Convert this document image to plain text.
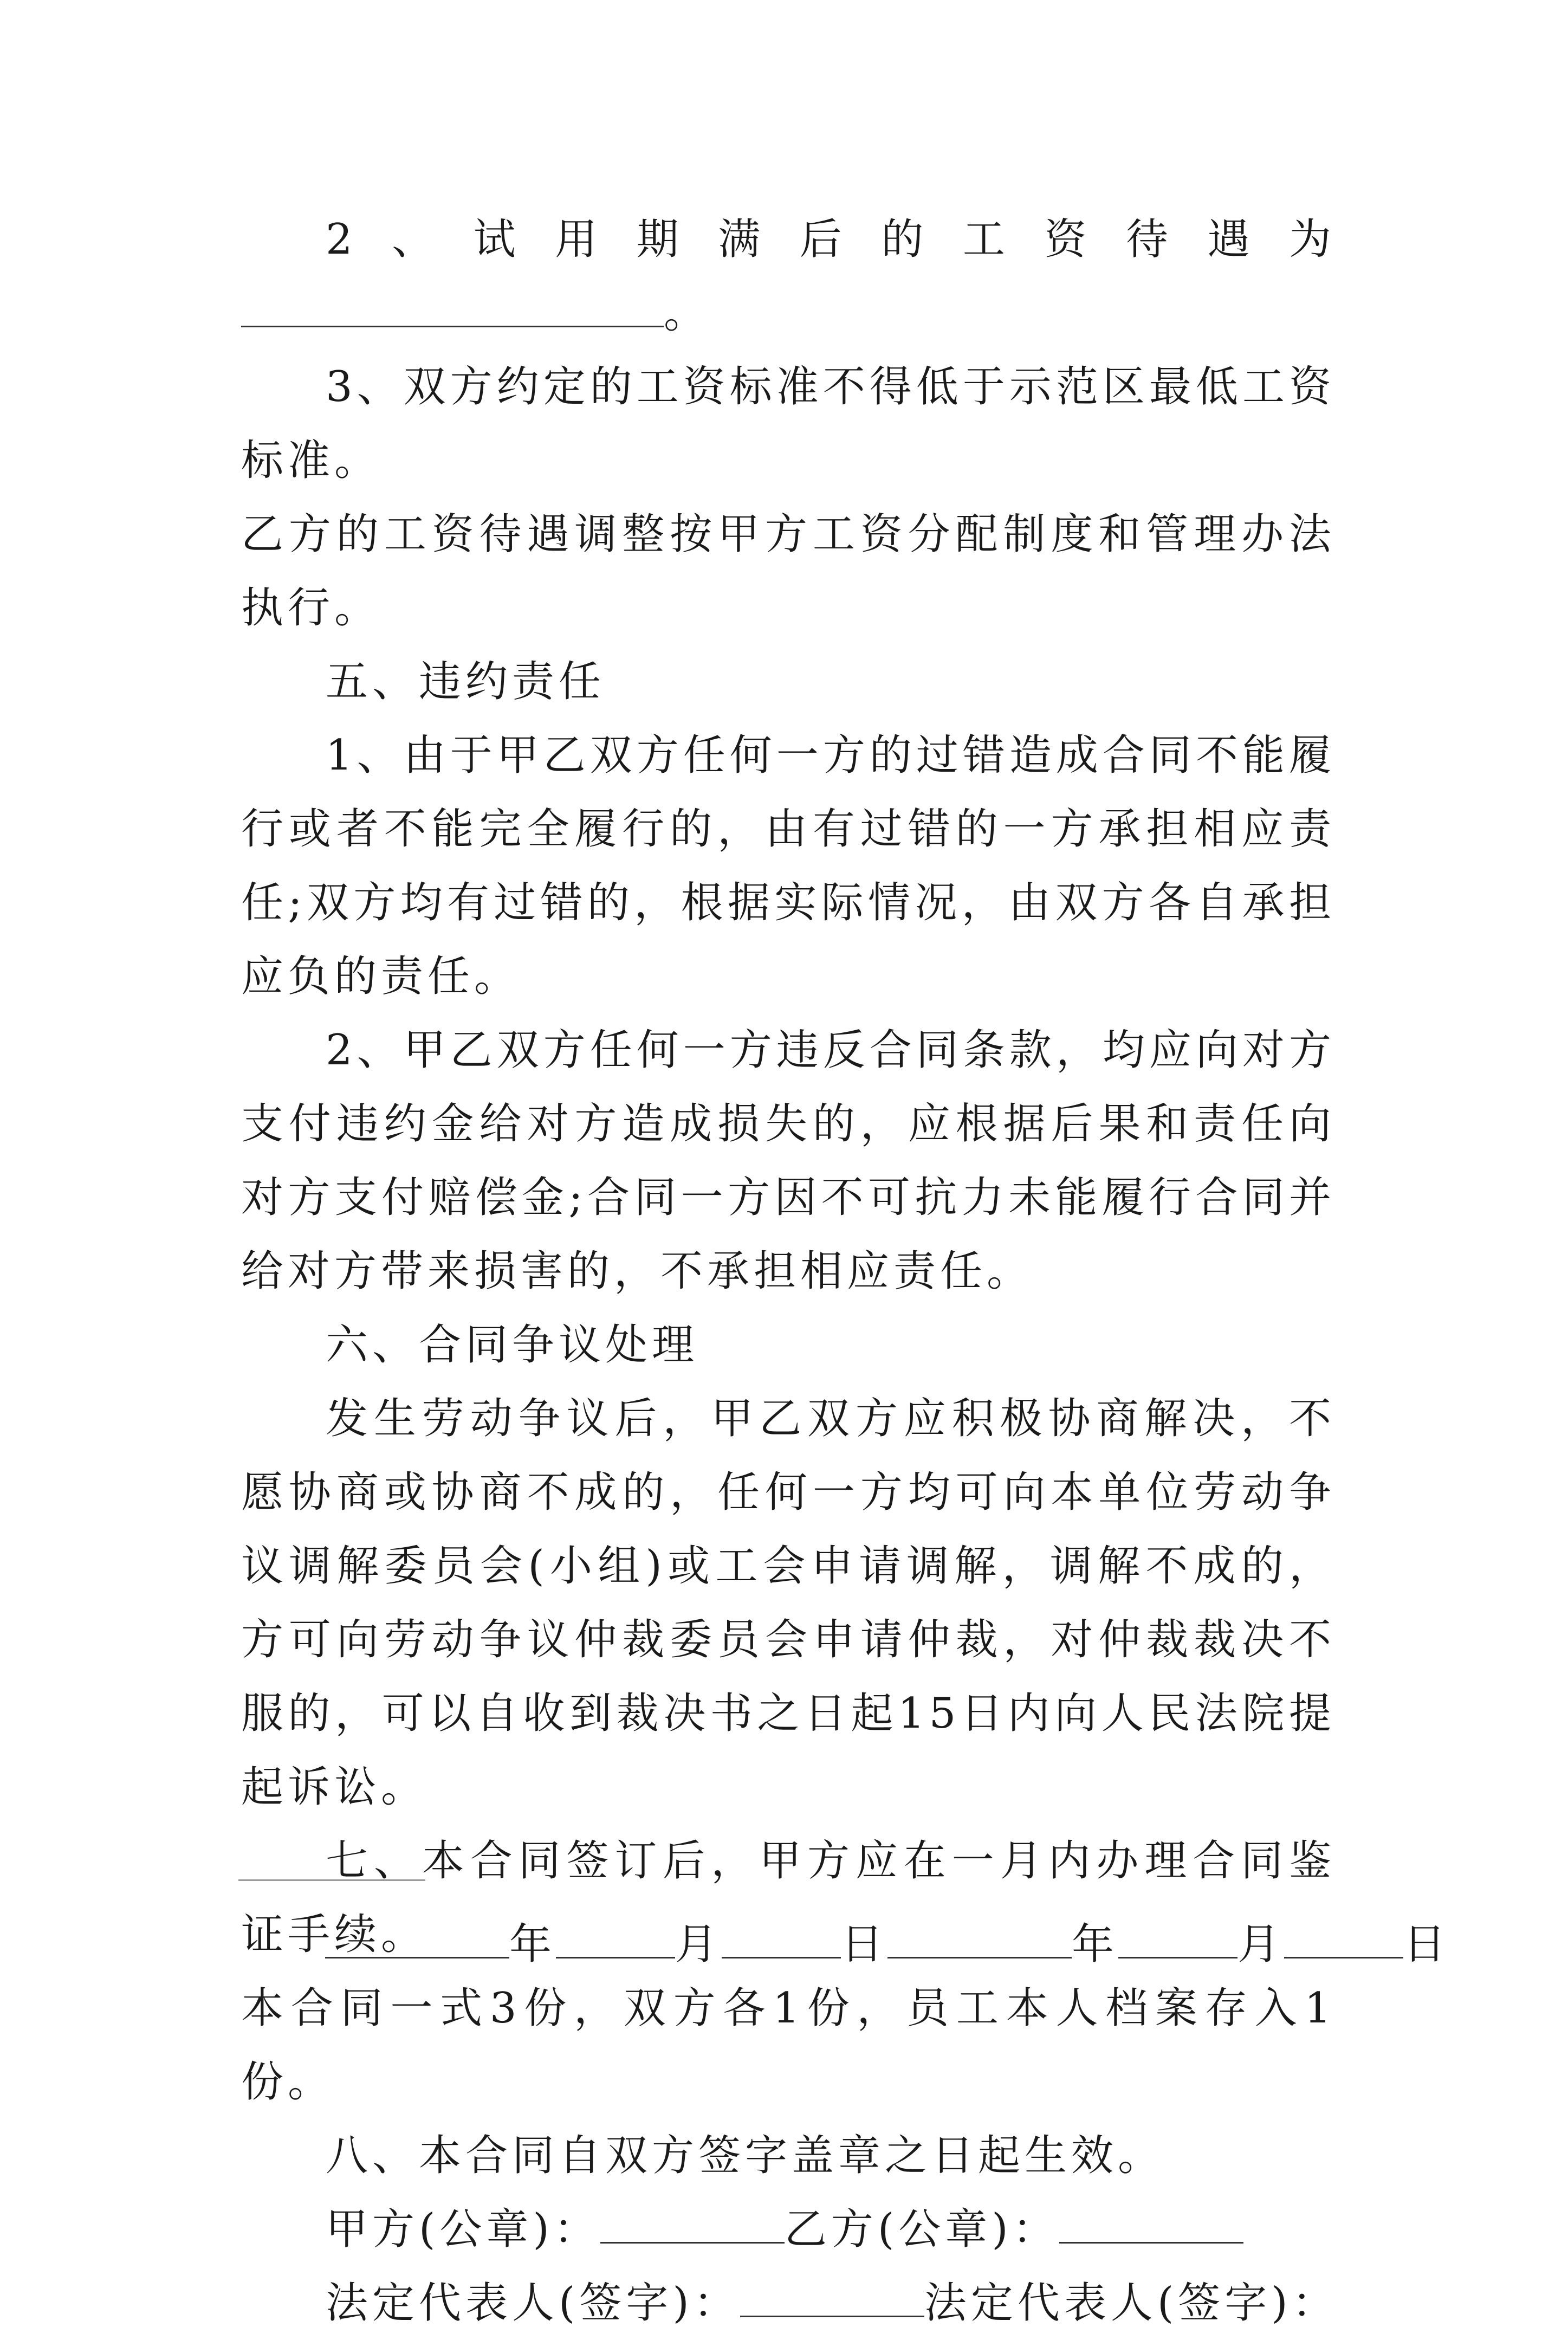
2、试用期满后的工资待遇为。

3、双方约定的工资标准不得低于示范区最低工资标准。

乙方的工资待遇调整按甲方工资分配制度和管理办法执行。

五、违约责任

1、由于甲乙双方任何一方的过错造成合同不能履行或者不能完全履行的，由有过错的一方承担相应责任;双方均有过错的，根据实际情况，由双方各自承担应负的责任。

2、甲乙双方任何一方违反合同条款，均应向对方支付违约金给对方造成损失的，应根据后果和责任向对方支付赔偿金;合同一方因不可抗力未能履行合同并给对方带来损害的，不承担相应责任。

六、合同争议处理

发生劳动争议后，甲乙双方应积极协商解决，不愿协商或协商不成的，任何一方均可向本单位劳动争议调解委员会(小组)或工会申请调解，调解不成的，方可向劳动争议仲裁委员会申请仲裁，对仲裁裁决不服的，可以自收到裁决书之日起15日内向人民法院提起诉讼。

七、本合同签订后，甲方应在一月内办理合同鉴证手续。

本合同一式3份，双方各1份，员工本人档案存入1份。

八、本合同自双方签字盖章之日起生效。

甲方(公章)：	乙方(公章)：

法定代表人(签字)：	法定代表人(签字)：

年	月	日	年	月	日
